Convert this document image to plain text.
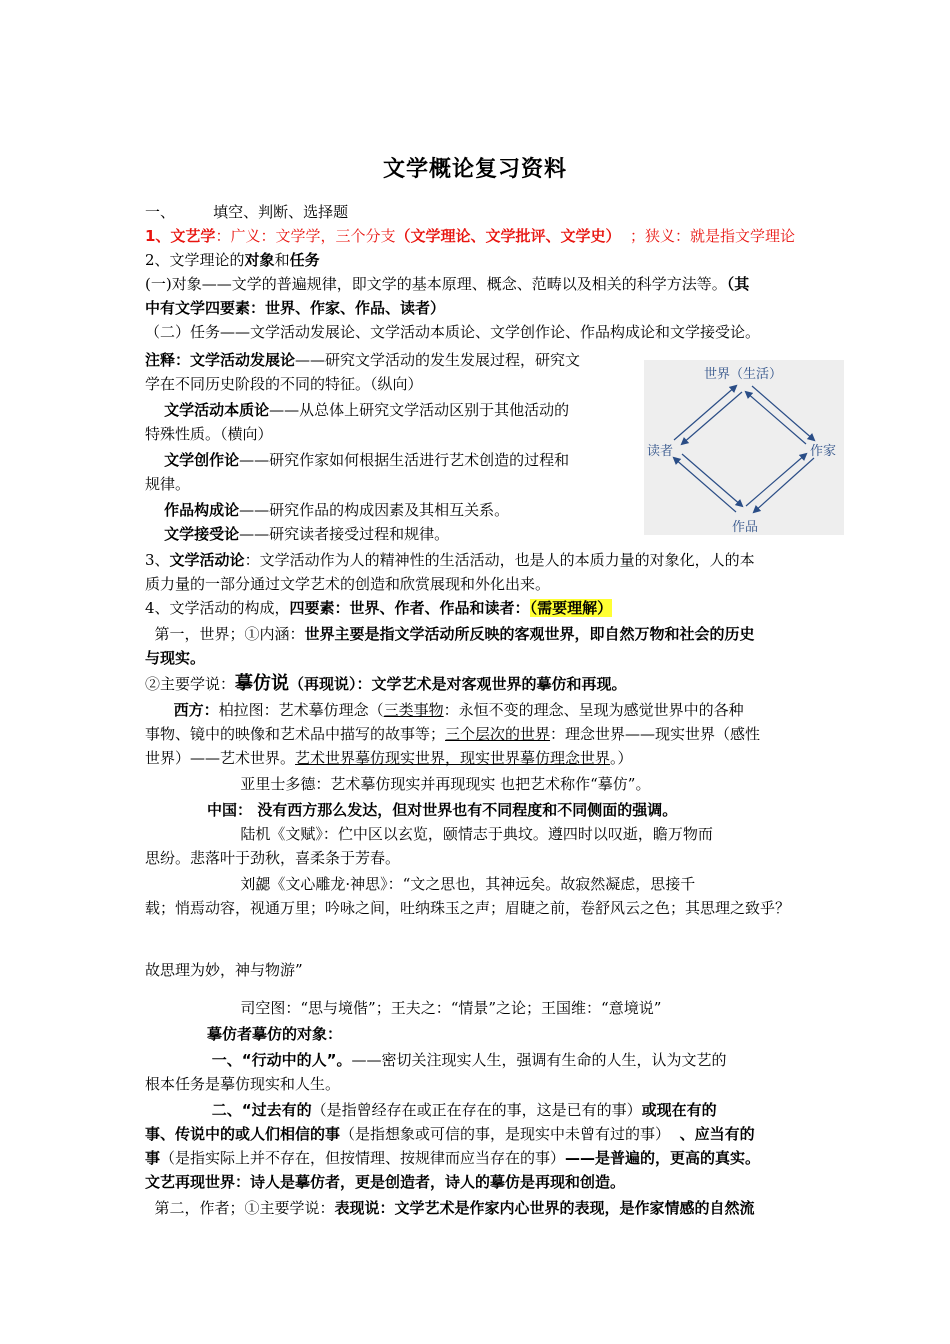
文学概论复习资料
一、        填空、判断、选择题
1、文艺学：广义：文学学，三个分支（文学理论、文学批评、文学史）  ；狭义：就是指文学理论
2、文学理论的对象和任务
(一)对象——文学的普遍规律，即文学的基本原理、概念、范畴以及相关的科学方法等。（其
中有文学四要素：世界、作家、作品、读者）
（二）任务——文学活动发展论、文学活动本质论、文学创作论、作品构成论和文学接受论。
注释：文学活动发展论——研究文学活动的发生发展过程，研究文
学在不同历史阶段的不同的特征。（纵向）
文学活动本质论——从总体上研究文学活动区别于其他活动的
特殊性质。（横向）
文学创作论——研究作家如何根据生活进行艺术创造的过程和
规律。
作品构成论——研究作品的构成因素及其相互关系。
文学接受论——研究读者接受过程和规律。
3、文学活动论：文学活动作为人的精神性的生活活动，也是人的本质力量的对象化，人的本
质力量的一部分通过文学艺术的创造和欣赏展现和外化出来。
4、文学活动的构成，四要素：世界、作者、作品和读者：（需要理解）
第一，世界；①内涵：世界主要是指文学活动所反映的客观世界，即自然万物和社会的历史
与现实。
②主要学说：摹仿说（再现说）：文学艺术是对客观世界的摹仿和再现。
西方：柏拉图：艺术摹仿理念（三类事物：永恒不变的理念、呈现为感觉世界中的各种
事物、镜中的映像和艺术品中描写的故事等；三个层次的世界：理念世界——现实世界（感性
世界）——艺术世界。艺术世界摹仿现实世界，现实世界摹仿理念世界。）
亚里士多德：艺术摹仿现实并再现现实 也把艺术称作“摹仿”。
中国： 没有西方那么发达，但对世界也有不同程度和不同侧面的强调。
陆机《文赋》：伫中区以玄览，颐情志于典坟。遵四时以叹逝，瞻万物而
思纷。悲落叶于劲秋，喜柔条于芳春。
刘勰《文心雕龙·神思》：“文之思也，其神远矣。故寂然凝虑，思接千
载；悄焉动容，视通万里；吟咏之间，吐纳珠玉之声；眉睫之前，卷舒风云之色；其思理之致乎？
故思理为妙，神与物游”
司空图：“思与境偕”；王夫之：“情景”之论；王国维：“意境说”
摹仿者摹仿的对象：
一、“行动中的人”。——密切关注现实人生，强调有生命的人生，认为文艺的
根本任务是摹仿现实和人生。
二、“过去有的（是指曾经存在或正在存在的事，这是已有的事）或现在有的
事、传说中的或人们相信的事（是指想象或可信的事，是现实中未曾有过的事）  、应当有的
事（是指实际上并不存在，但按情理、按规律而应当存在的事）——是普遍的，更高的真实。
文艺再现世界：诗人是摹仿者，更是创造者，诗人的摹仿是再现和创造。
第二，作者；①主要学说：表现说：文学艺术是作家内心世界的表现，是作家情感的自然流
世界（生活）
读者	作家
作品
